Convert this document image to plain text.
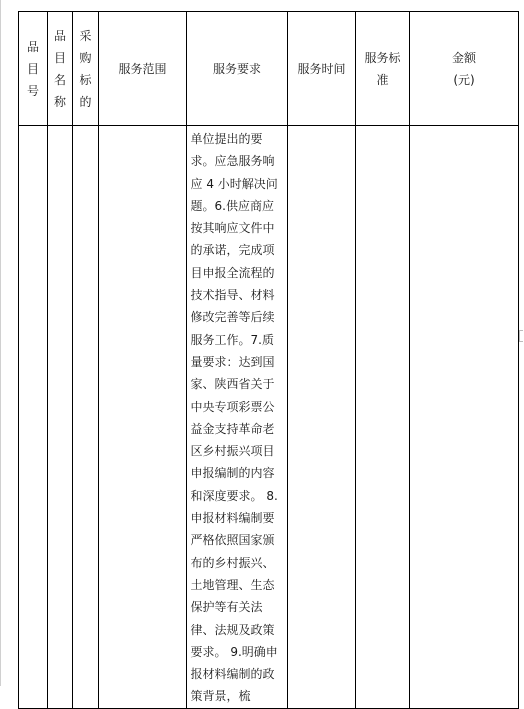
品目号	品目名称	采购标的	服务范围	服务要求	服务时间	服务标准	金额
(元)

				单位提出的要求。应急服务响应 4 小时解决问题。6.供应商应按其响应文件中的承诺，完成项目申报全流程的技术指导、材料修改完善等后续服务工作。7.质量要求：达到国家、陕西省关于中央专项彩票公益金支持革命老区乡村振兴项目申报编制的内容和深度要求。 8.申报材料编制要严格依照国家颁布的乡村振兴、土地管理、生态保护等有关法律、法规及政策要求。 9.明确申报材料编制的政策背景，梳			
